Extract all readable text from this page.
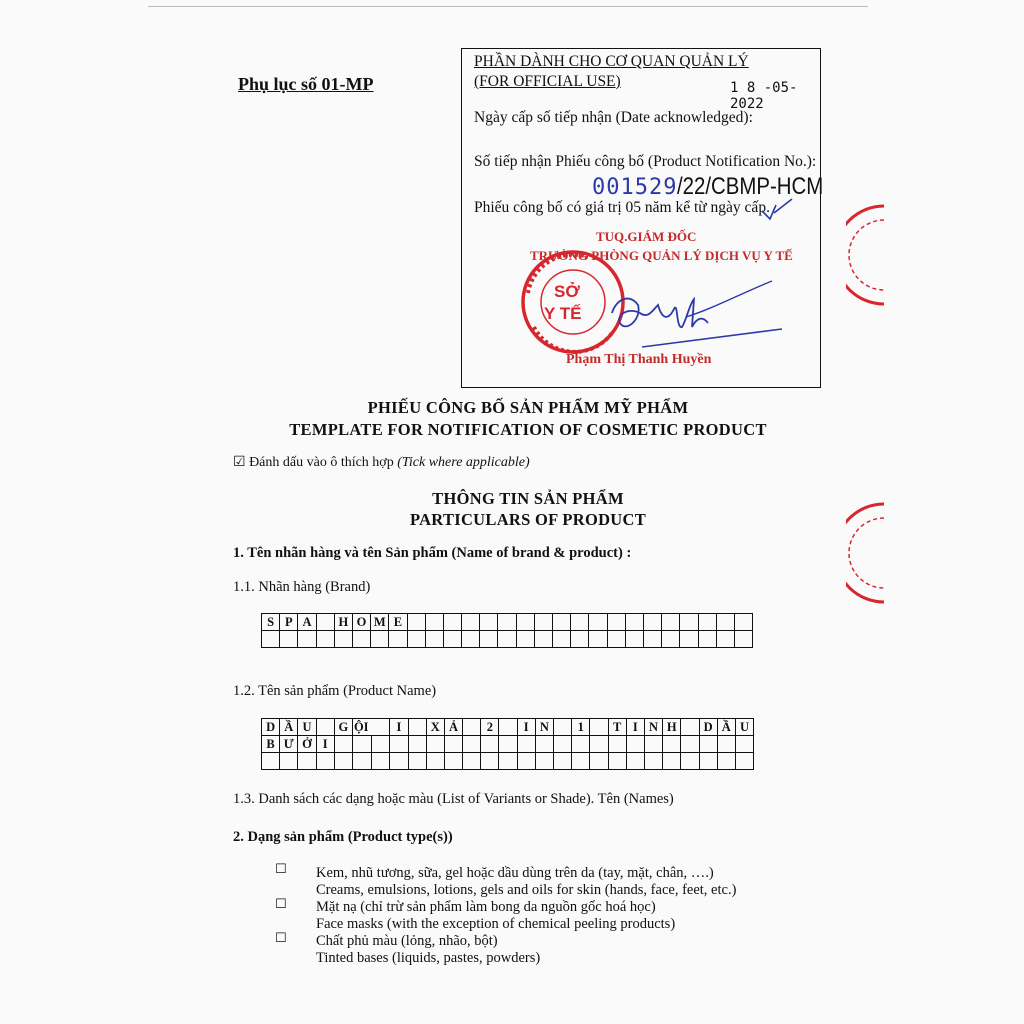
Phụ lục số 01-MP
PHẦN DÀNH CHO CƠ QUAN QUẢN LÝ
(FOR OFFICIAL USE)	1 8 -05- 2022
Ngày cấp số tiếp nhận (Date acknowledged):
Số tiếp nhận Phiếu công bố (Product Notification No.):
001529/22/CBMP-HCM
Phiếu công bố có giá trị 05 năm kể từ ngày cấp.
TUQ.GIÁM ĐỐC
TRƯỞNG PHÒNG QUẢN LÝ DỊCH VỤ Y TẾ
SỞ
Y TẾ
Phạm Thị Thanh Huyền
PHIẾU CÔNG BỐ SẢN PHẨM MỸ PHẨM
TEMPLATE FOR NOTIFICATION OF COSMETIC PRODUCT
☑ Đánh dấu vào ô thích hợp (Tick where applicable)
THÔNG TIN SẢN PHẨM
PARTICULARS OF PRODUCT
1. Tên nhãn hàng và tên Sản phẩm (Name of brand & product) :
1.1. Nhãn hàng (Brand)
S	P	A		H	O	M	E																			

1.2. Tên sản phẩm (Product Name)
D	Ầ	U		G	ỘI		I		X	Ả		2		I	N		1		T	I	N	H		D	Ầ	U
B	Ư	Ở	I																							

1.3. Danh sách các dạng hoặc màu (List of Variants or Shade). Tên (Names)
2. Dạng sản phẩm (Product type(s))
☐ Kem, nhũ tương, sữa, gel hoặc dầu dùng trên da (tay, mặt, chân, ….)
Creams, emulsions, lotions, gels and oils for skin (hands, face, feet, etc.)
☐ Mặt nạ (chỉ trừ sản phẩm làm bong da nguồn gốc hoá học)
Face masks (with the exception of chemical peeling products)
☐ Chất phủ màu (lỏng, nhão, bột)
Tinted bases (liquids, pastes, powders)
